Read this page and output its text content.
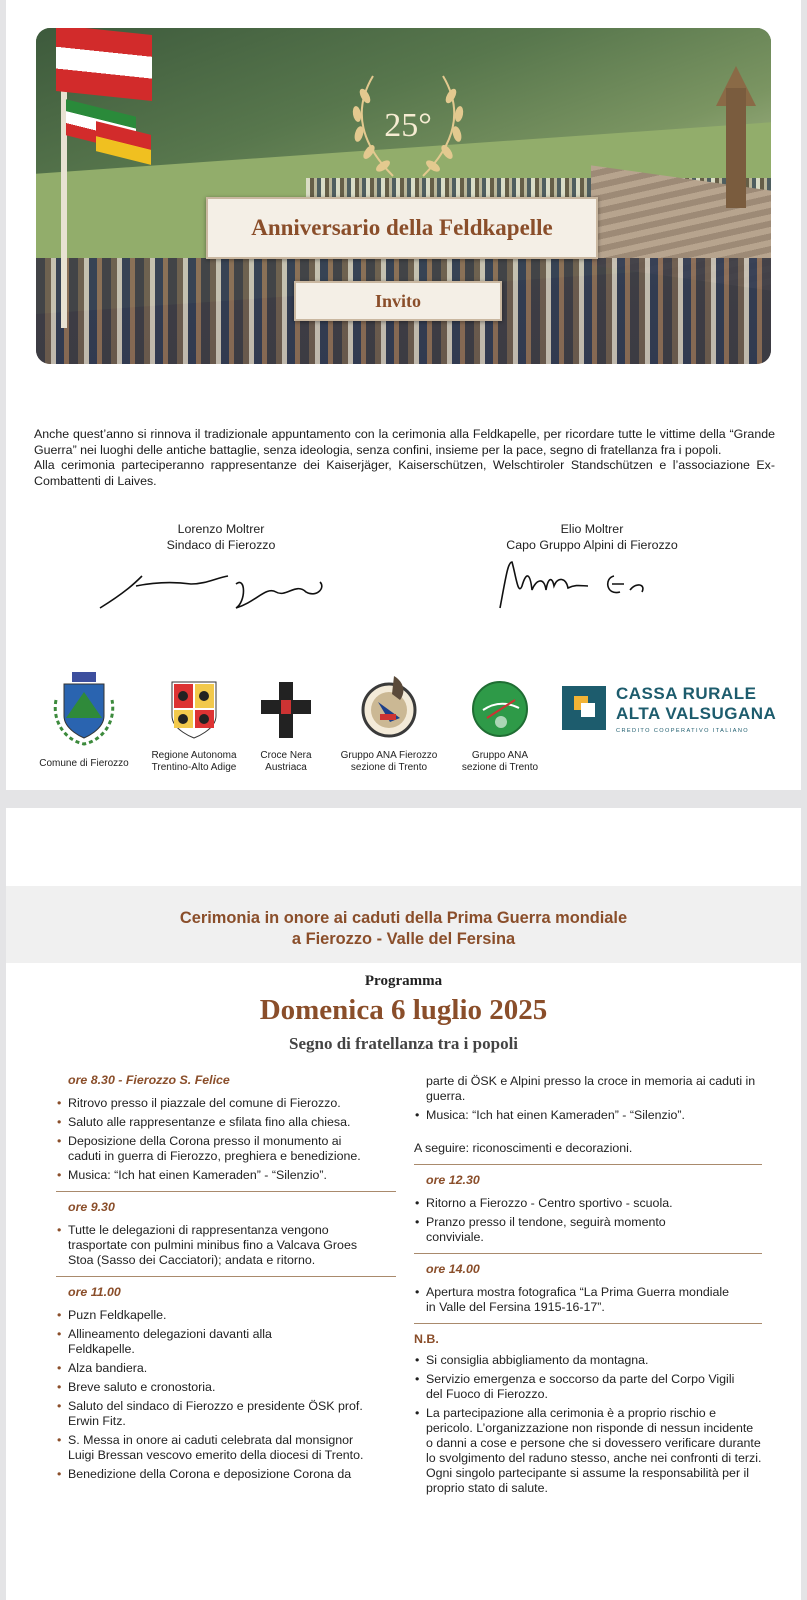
25°
Anniversario della Feldkapelle
Invito

Anche quest’anno si rinnova il tradizionale appuntamento con la cerimonia alla Feldkapelle, per ricordare tutte le vittime della “Grande Guerra” nei luoghi delle antiche battaglie, senza ideologia, senza confini, insieme per la pace, segno di fratellanza fra i popoli.

Alla cerimonia parteciperanno rappresentanze dei Kaiserjäger, Kaiserschützen, Welschtiroler Standschützen e l’associazione Ex-Combattenti di Laives.

Lorenzo Moltrer
Sindaco di Fierozzo
Elio Moltrer
Capo Gruppo Alpini di Fierozzo
Comune di Fierozzo
Regione Autonoma
Trentino-Alto Adige
Croce Nera
Austriaca
Gruppo ANA Fierozzo
sezione di Trento
Gruppo ANA
sezione di Trento
CASSA RURALE
ALTA VALSUGANA
CREDITO COOPERATIVO ITALIANO
Cerimonia in onore ai caduti della Prima Guerra mondiale
a Fierozzo - Valle del Fersina
Programma
Domenica 6 luglio 2025
Segno di fratellanza tra i popoli
ore 8.30 - Fierozzo S. Felice
• Ritrovo presso il piazzale del comune di Fierozzo.
• Saluto alle rappresentanze e sfilata fino alla chiesa.
• Deposizione della Corona presso il monumento ai caduti in guerra di Fierozzo, preghiera e benedizione.
• Musica: “Ich hat einen Kameraden” - “Silenzio”.
ore 9.30
• Tutte le delegazioni di rappresentanza vengono trasportate con pulmini minibus fino a Valcava Groes Stoa (Sasso dei Cacciatori); andata e ritorno.
ore 11.00
• Puzn Feldkapelle.
• Allineamento delegazioni davanti alla Feldkapelle.
• Alza bandiera.
• Breve saluto e cronostoria.
• Saluto del sindaco di Fierozzo e presidente ÖSK prof. Erwin Fitz.
• S. Messa in onore ai caduti celebrata dal monsignor Luigi Bressan vescovo emerito della diocesi di Trento.
• Benedizione della Corona e deposizione Corona da
parte di ÖSK e Alpini presso la croce in memoria ai caduti in guerra.
• Musica: “Ich hat einen Kameraden” - “Silenzio”.
A seguire: riconoscimenti e decorazioni.
ore 12.30
• Ritorno a Fierozzo - Centro sportivo - scuola.
• Pranzo presso il tendone, seguirà momento conviviale.
ore 14.00
• Apertura mostra fotografica “La Prima Guerra mondiale in Valle del Fersina 1915-16-17”.
N.B.
• Si consiglia abbigliamento da montagna.
• Servizio emergenza e soccorso da parte del Corpo Vigili del Fuoco di Fierozzo.
• La partecipazione alla cerimonia è a proprio rischio e pericolo. L’organizzazione non risponde di nessun incidente o danni a cose e persone che si dovessero verificare durante lo svolgimento del raduno stesso, anche nei confronti di terzi. Ogni singolo partecipante si assume la responsabilità per il proprio stato di salute.
